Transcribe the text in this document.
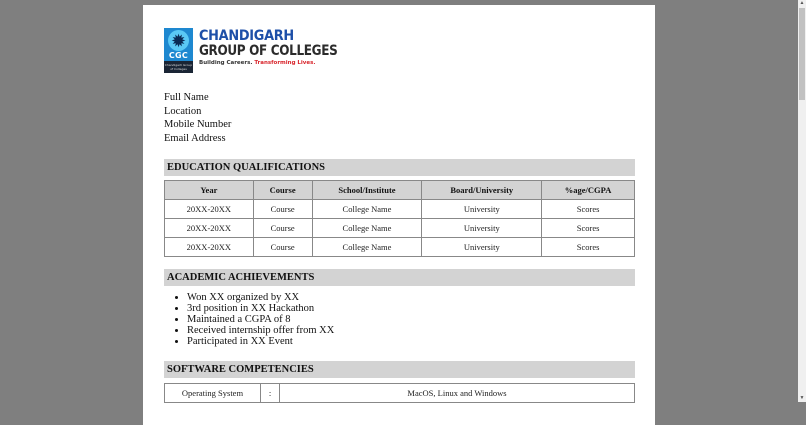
✹
CGC
Chandigarh Group of Colleges
CHANDIGARH
GROUP OF COLLEGES
Building Careers. Transforming Lives.
Full Name
Location
Mobile Number
Email Address
EDUCATION QUALIFICATIONS
Year	Course	School/Institute	Board/University	%age/CGPA
20XX-20XX	Course	College Name	University	Scores
20XX-20XX	Course	College Name	University	Scores
20XX-20XX	Course	College Name	University	Scores
ACADEMIC ACHIEVEMENTS
• Won XX organized by XX
• 3rd position in XX Hackathon
• Maintained a CGPA of 8
• Received internship offer from XX
• Participated in XX Event
SOFTWARE COMPETENCIES
Operating System	:	MacOS, Linux and Windows
▲
▼
